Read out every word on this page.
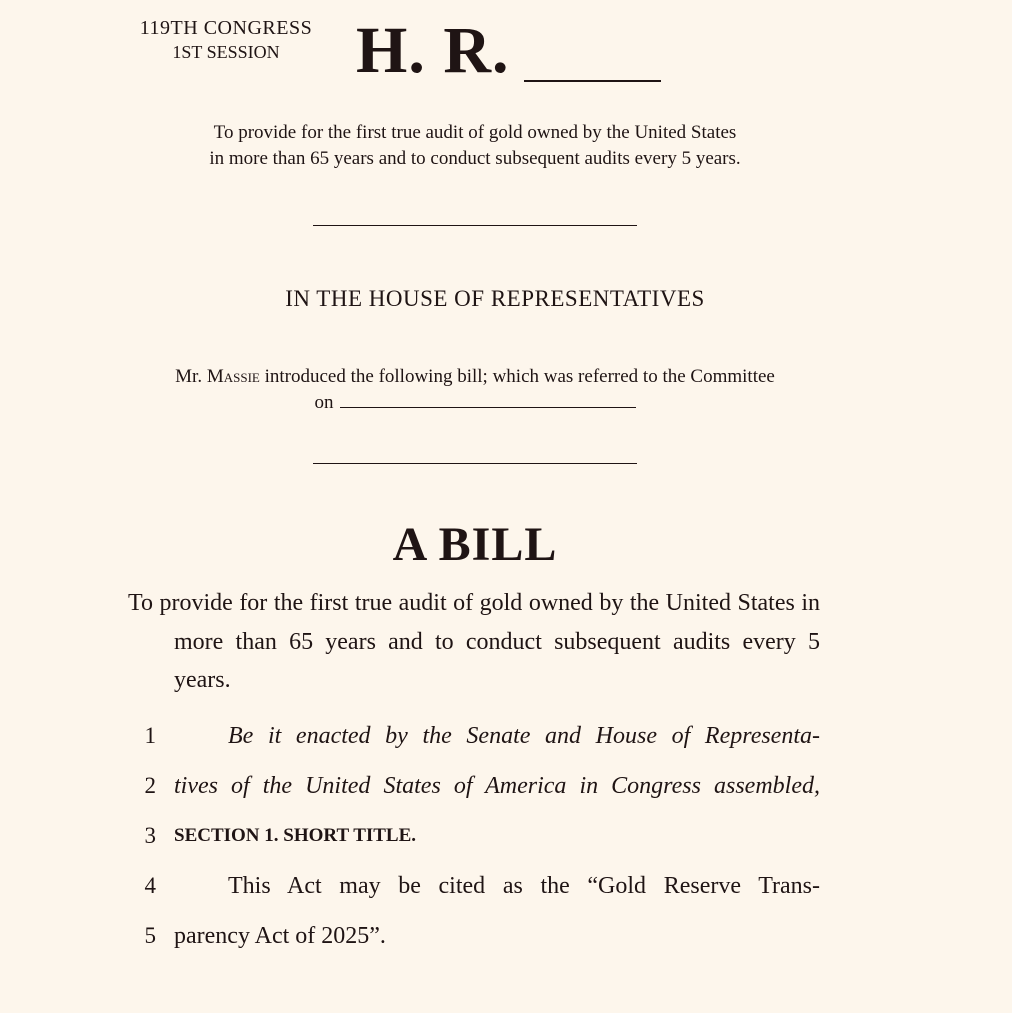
119TH CONGRESS
1ST SESSION	H. R.
To provide for the first true audit of gold owned by the United States
in more than 65 years and to conduct subsequent audits every 5 years.
IN THE HOUSE OF REPRESENTATIVES
Mr. Massie introduced the following bill; which was referred to the Committee
on
A BILL
To provide for the first true audit of gold owned by the United States in more than 65 years and to conduct subsequent audits every 5 years.
1	Be it enacted by the Senate and House of Representa-
2 tives of the United States of America in Congress assembled,
3 SECTION 1. SHORT TITLE.
4	This Act may be cited as the “Gold Reserve Trans-
5 parency Act of 2025”.
